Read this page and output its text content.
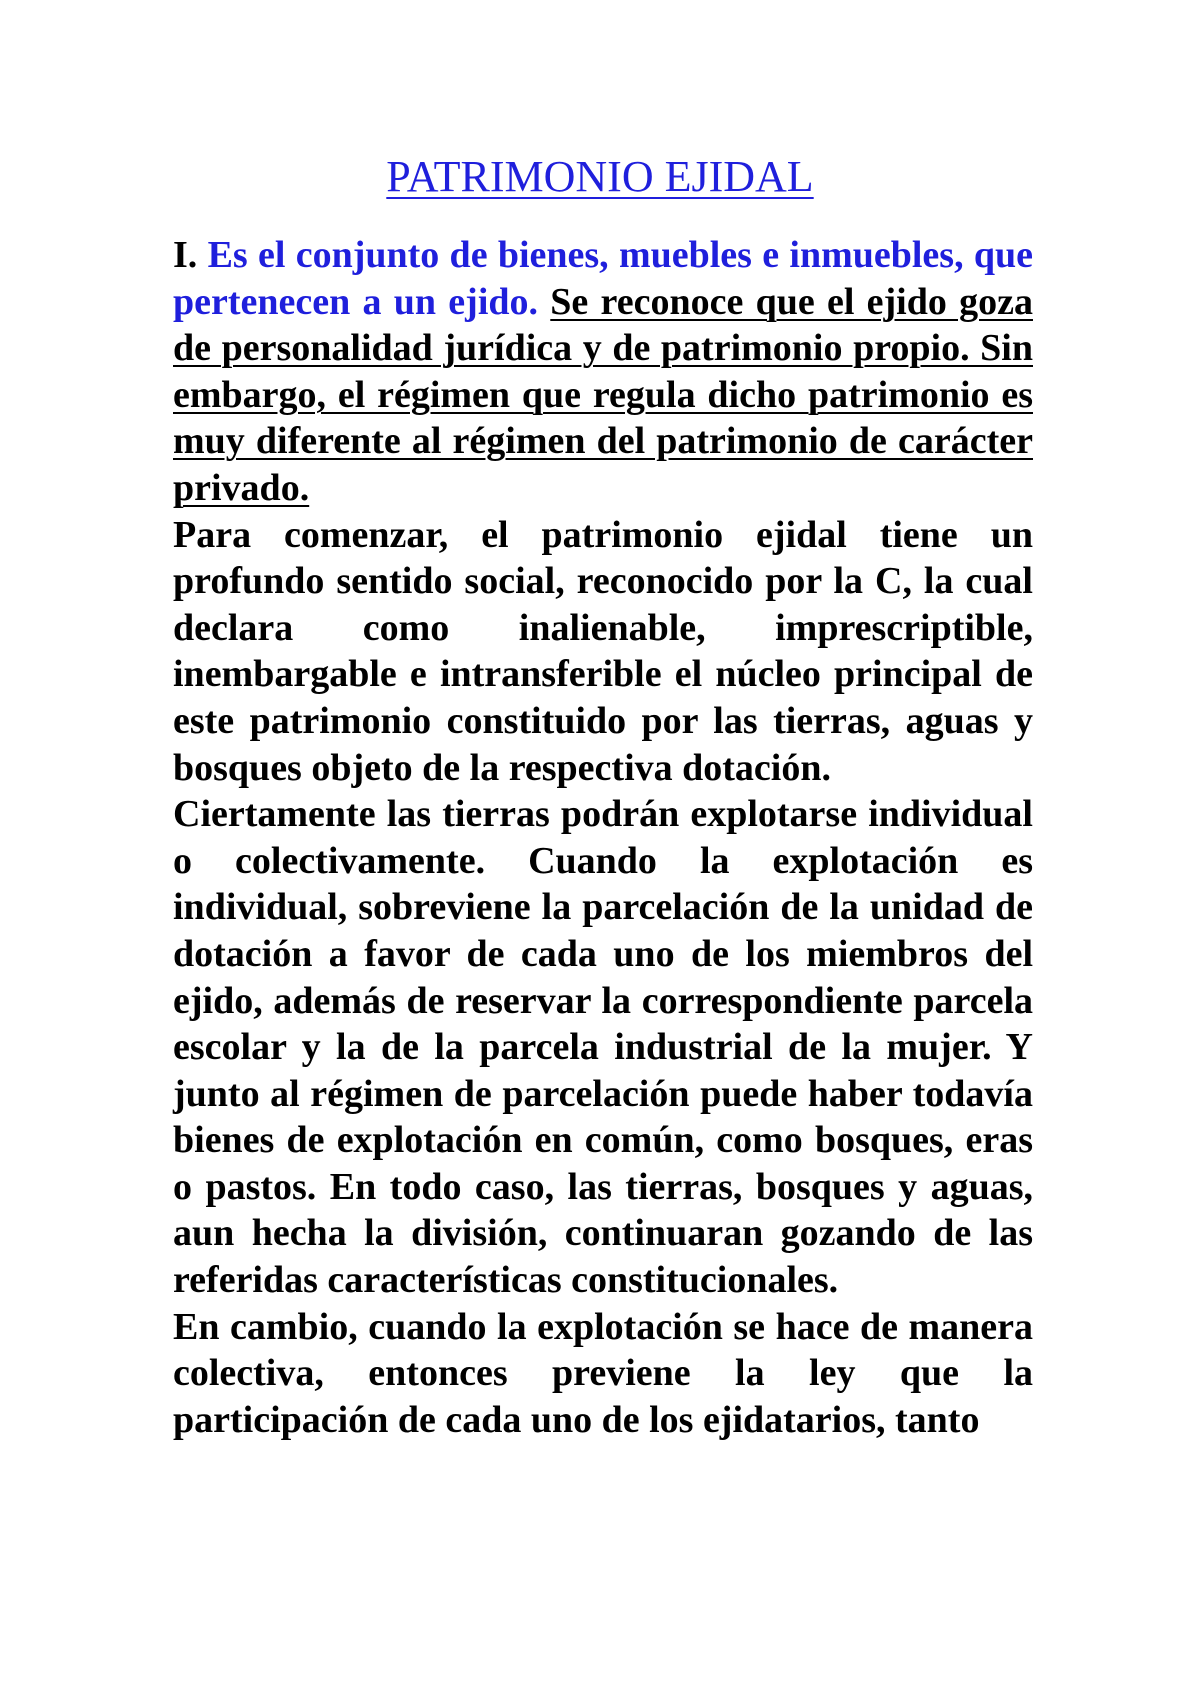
PATRIMONIO EJIDAL

I. Es el conjunto de bienes, muebles e inmuebles, que pertenecen a un ejido. Se reconoce que el ejido goza de personalidad jurídica y de patrimonio propio. Sin embargo, el régimen que regula dicho patrimonio es muy diferente al régimen del patrimonio de carácter privado.

Para comenzar, el patrimonio ejidal tiene un profundo sentido social, reconocido por la C, la cual declara como inalienable, imprescriptible, inembargable e intransferible el núcleo principal de este patrimonio constituido por las tierras, aguas y bosques objeto de la respectiva dotación.

Ciertamente las tierras podrán explotarse individual o colectivamente. Cuando la explotación es individual, sobreviene la parcelación de la unidad de dotación a favor de cada uno de los miembros del ejido, además de reservar la correspondiente parcela escolar y la de la parcela industrial de la mujer. Y junto al régimen de parcelación puede haber todavía bienes de explotación en común, como bosques, eras o pastos. En todo caso, las tierras, bosques y aguas, aun hecha la división, continuaran gozando de las referidas características constitucionales.

En cambio, cuando la explotación se hace de manera colectiva, entonces previene la ley que la participación de cada uno de los ejidatarios, tanto
